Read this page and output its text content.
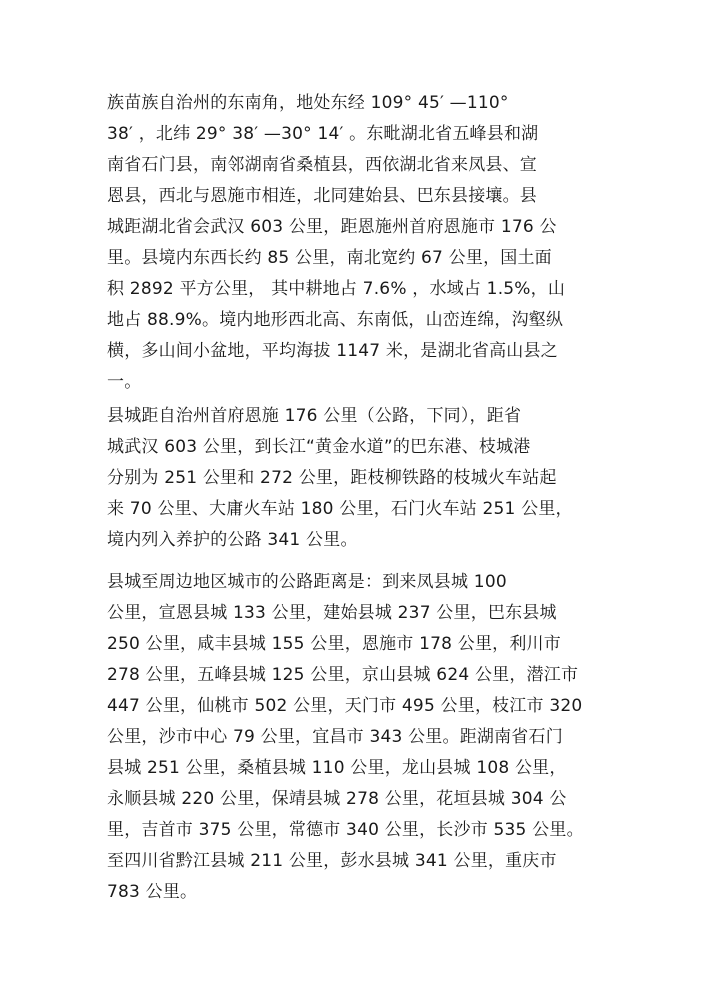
族苗族自治州的东南角，地处东经 109° 45′ —110°
38′ ，北纬 29° 38′ —30° 14′ 。东毗湖北省五峰县和湖
南省石门县，南邻湖南省桑植县，西依湖北省来凤县、宣
恩县，西北与恩施市相连，北同建始县、巴东县接壤。县
城距湖北省会武汉 603 公里，距恩施州首府恩施市 176 公
里。县境内东西长约 85 公里，南北宽约 67 公里，国土面
积 2892 平方公里， 其中耕地占 7.6% ，水域占 1.5%，山
地占 88.9%。境内地形西北高、东南低，山峦连绵，沟壑纵
横，多山间小盆地，平均海拔 1147 米，是湖北省高山县之
一。
县城距自治州首府恩施 176 公里（公路，下同），距省
城武汉 603 公里，到长江“黄金水道”的巴东港、枝城港
分别为 251 公里和 272 公里，距枝柳铁路的枝城火车站起
来 70 公里、大庸火车站 180 公里，石门火车站 251 公里，
境内列入养护的公路 341 公里。
县城至周边地区城市的公路距离是：到来凤县城 100
公里，宣恩县城 133 公里，建始县城 237 公里，巴东县城
250 公里，咸丰县城 155 公里，恩施市 178 公里，利川市
278 公里，五峰县城 125 公里，京山县城 624 公里，潜江市
447 公里，仙桃市 502 公里，天门市 495 公里，枝江市 320
公里，沙市中心 79 公里，宜昌市 343 公里。距湖南省石门
县城 251 公里，桑植县城 110 公里，龙山县城 108 公里，
永顺县城 220 公里，保靖县城 278 公里，花垣县城 304 公
里，吉首市 375 公里，常德市 340 公里，长沙市 535 公里。
至四川省黔江县城 211 公里，彭水县城 341 公里，重庆市
783 公里。
